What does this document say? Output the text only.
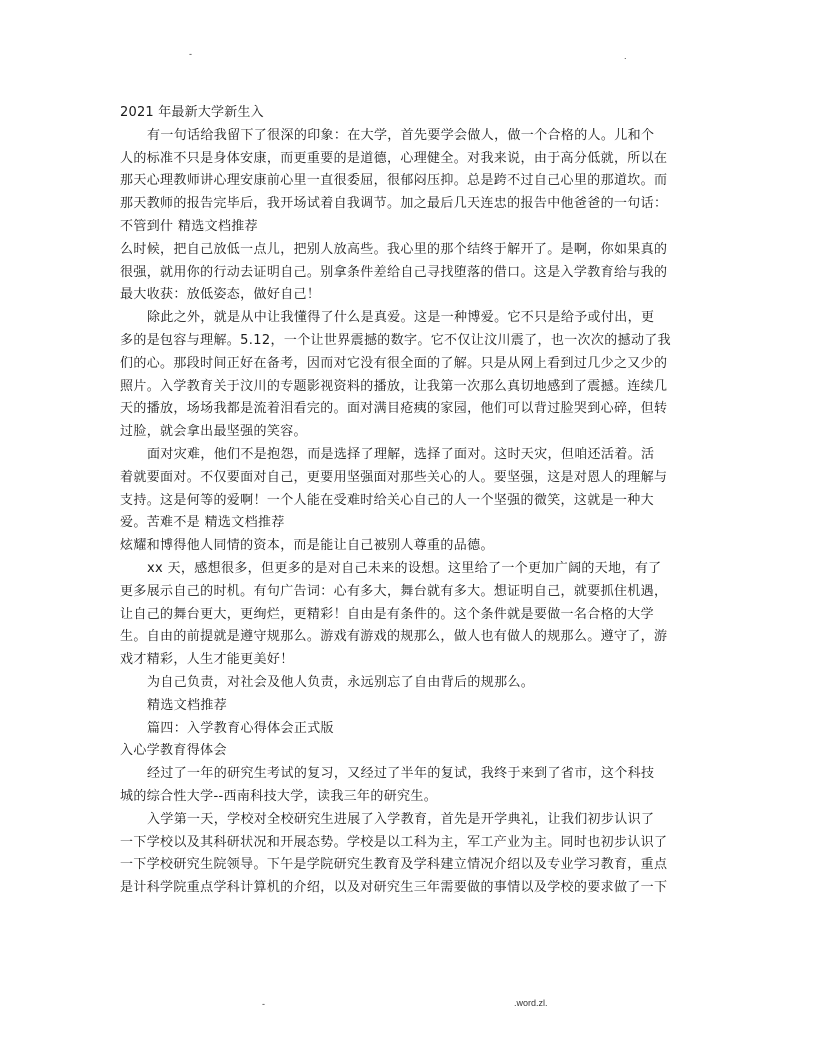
-	.
2021 年最新大学新生入
有一句话给我留下了很深的印象：在大学，首先要学会做人，做一个合格的人。儿和个
人的标准不只是身体安康，而更重要的是道德，心理健全。对我来说，由于高分低就，所以在
那天心理教师讲心理安康前心里一直很委屈，很郁闷压抑。总是跨不过自己心里的那道坎。而
那天教师的报告完毕后，我开场试着自我调节。加之最后几天连忠的报告中他爸爸的一句话：
不管到什 精选文档推荐
么时候，把自己放低一点儿，把别人放高些。我心里的那个结终于解开了。是啊，你如果真的
很强，就用你的行动去证明自己。别拿条件差给自己寻找堕落的借口。这是入学教育给与我的
最大收获：放低姿态，做好自己！
除此之外，就是从中让我懂得了什么是真爱。这是一种博爱。它不只是给予或付出，更
多的是包容与理解。5.12，一个让世界震撼的数字。它不仅让汶川震了，也一次次的撼动了我
们的心。那段时间正好在备考，因而对它没有很全面的了解。只是从网上看到过几少之又少的
照片。入学教育关于汶川的专题影视资料的播放，让我第一次那么真切地感到了震撼。连续几
天的播放，场场我都是流着泪看完的。面对满目疮痍的家园，他们可以背过脸哭到心碎，但转
过脸，就会拿出最坚强的笑容。
面对灾难，他们不是抱怨，而是选择了理解，选择了面对。这时天灾，但咱还活着。活
着就要面对。不仅要面对自己，更要用坚强面对那些关心的人。要坚强，这是对恩人的理解与
支持。这是何等的爱啊！一个人能在受难时给关心自己的人一个坚强的微笑，这就是一种大
爱。苦难不是 精选文档推荐
炫耀和博得他人同情的资本，而是能让自己被别人尊重的品德。
xx 天，感想很多，但更多的是对自己未来的设想。这里给了一个更加广阔的天地，有了
更多展示自己的时机。有句广告词：心有多大，舞台就有多大。想证明自己，就要抓住机遇，
让自己的舞台更大，更绚烂，更精彩！自由是有条件的。这个条件就是要做一名合格的大学
生。自由的前提就是遵守规那么。游戏有游戏的规那么，做人也有做人的规那么。遵守了，游
戏才精彩，人生才能更美好！
为自己负责，对社会及他人负责，永远别忘了自由背后的规那么。
精选文档推荐
篇四：入学教育心得体会正式版
入心学教育得体会
经过了一年的研究生考试的复习，又经过了半年的复试，我终于来到了省市，这个科技
城的综合性大学--西南科技大学，读我三年的研究生。
入学第一天，学校对全校研究生进展了入学教育，首先是开学典礼，让我们初步认识了
一下学校以及其科研状况和开展态势。学校是以工科为主，军工产业为主。同时也初步认识了
一下学校研究生院领导。下午是学院研究生教育及学科建立情况介绍以及专业学习教育，重点
是计科学院重点学科计算机的介绍，以及对研究生三年需要做的事情以及学校的要求做了一下
-	.word.zl.
